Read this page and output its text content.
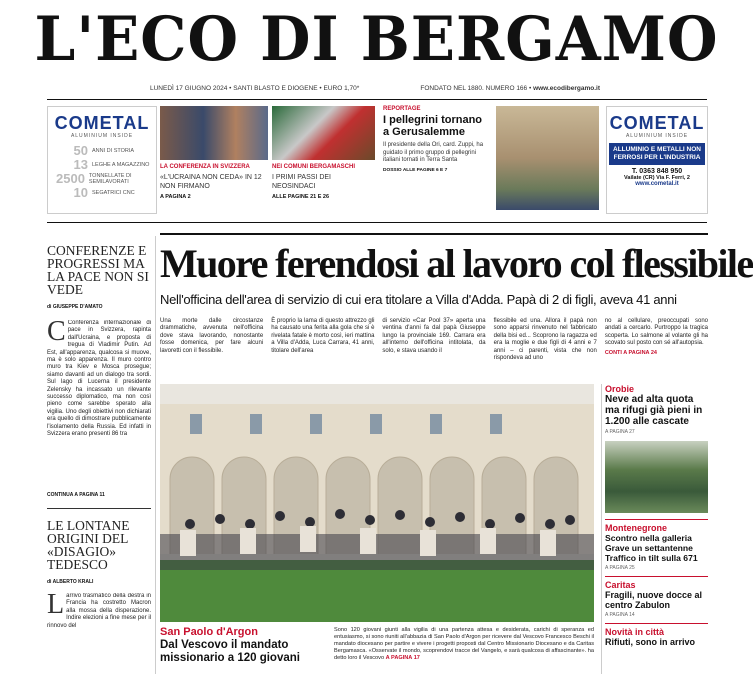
L'ECO DI BERGAMO
LUNEDÌ 17 GIUGNO 2024 • SANTI BLASTO E DIOGENE • EURO 1,70*	FONDATO NEL 1880. NUMERO 166 • www.ecodibergamo.it
COMETAL
ALUMINIUM INSIDE
50 ANNI DI STORIA
13 LEGHE A MAGAZZINO
2500 TONNELLATE DI SEMILAVORATI
10 SEGATRICI CNC
LA CONFERENZA IN SVIZZERA
«L'UCRAINA NON CEDA» IN 12 NON FIRMANO
A PAGINA 2
NEI COMUNI BERGAMASCHI
I PRIMI PASSI DEI NEOSINDACI
ALLE PAGINE 21 E 26
REPORTAGE
I pellegrini tornano a Gerusalemme
Il presidente della Ori, card. Zuppi, ha guidato il primo gruppo di pellegrini italiani tornati in Terra Santa
DOSSIO ALLE PAGINE 6 E 7
COMETAL
ALUMINIUM INSIDE
ALLUMINIO E METALLI NON FERROSI PER L'INDUSTRIA
T. 0363 848 950
Vailate (CR) Via F. Ferri, 2
www.cometal.it
CONFERENZE E PROGRESSI MA LA PACE NON SI VEDE
di GIUSEPPE D'AMATO
C Conferenza internazionale di pace in Svizzera, rapinta dall'Ucraina, e proposta di tregua di Vladimir Putin. Ad Est, all'apparenza, qualcosa si muove, ma è solo apparenza. Il muro contro muro tra Kiev e Mosca prosegue; siamo davanti ad un dialogo tra sordi. Sul lago di Lucerna il presidente Zelensky ha incassato un rilevante successo diplomatico, ma non così pieno come sarebbe sperato alla vigilia. Uno degli obiettivi non dichiarati era quello di dimostrare pubblicamente l'isolamento della Russia. Ed infatti in Svizzera erano presenti 86 tra
CONTINUA A PAGINA 11
LE LONTANE ORIGINI DEL «DISAGIO» TEDESCO
di ALBERTO KRALI
Larrivo trasmatico della destra in Francia ha costretto Macron alla mossa della disperazione. Indire elezioni a fine mese per il rinnovo del
Muore ferendosi al lavoro col flessibile
Nell'officina dell'area di servizio di cui era titolare a Villa d'Adda. Papà di 2 di figli, aveva 41 anni
Una morte dalle circostanze drammatiche, avvenuta nell'officina dove stava lavorando, nonostante fosse domenica, per fare alcuni lavoretti con il flessibile.
È proprio la lama di questo attrezzo gli ha causato una ferita alla gola che si è rivelata fatale è morto così, ieri mattina a Villa d'Adda, Luca Carrara, 41 anni, titolare dell'area
di servizio «Car Pool 37» aperta una ventina d'anni fa dal papà Giuseppe lungo la provinciale 169. Carrara era all'interno dell'officina intitolata, da solo, e stava usando il
flessibile ed una. Allora il papà non sono apparsi rinvenuto nel fabbricato della bisi ed... Scoprono la ragazza ed era la moglie e due figli di 4 anni e 7 anni – ci parenti, vista che non rispondeva ad uno
no al cellulare, preoccupati sono andati a cercarlo. Purtroppo la tragica scoperta. Lo salmone al volante gli ha scovato sul posto con sé all'autopsia.
CONTI A PAGINA 24
San Paolo d'Argon
Dal Vescovo il mandato missionario a 120 giovani
Sono 120 giovani giunti alla vigilia di una partenza attesa e desiderata, carichi di speranza ed entusiasmo, si sono riuniti all'abbazia di San Paolo d'Argon per ricevere dal Vescovo Francesco Beschi il mandato diocesano per partire e vivere i progetti proposti dal Centro Missionario Diocesano e da Caritas Bergamasca. «Osservate il mondo, scoprendovi tracce del Vangelo, e sarà qualcosa di affascinante». ha detto loro il Vescovo A PAGINA 17
Orobie
Neve ad alta quota ma rifugi già pieni in 1.200 alle cascate
A PAGINA 27
Montenegrone
Scontro nella galleria Grave un settantenne Traffico in tilt sulla 671
A PAGINA 25
Caritas
Fragili, nuove docce al centro Zabulon
A PAGINA 14
Novità in città
Rifiuti, sono in arrivo
